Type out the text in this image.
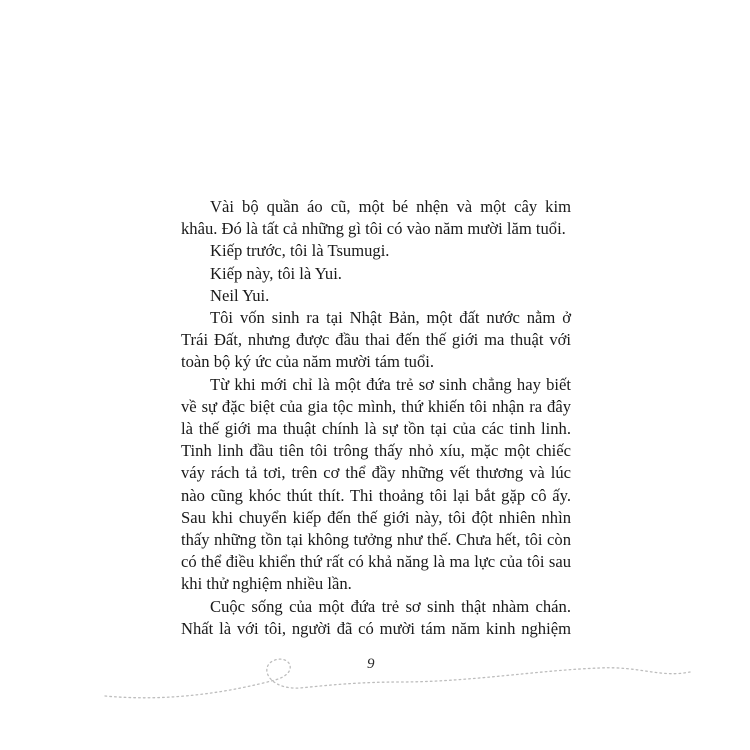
Vài bộ quần áo cũ, một bé nhện và một cây kim
khâu. Đó là tất cả những gì tôi có vào năm mười lăm tuổi.

Kiếp trước, tôi là Tsumugi.

Kiếp này, tôi là Yui.

Neil Yui.

Tôi vốn sinh ra tại Nhật Bản, một đất nước nằm ở
Trái Đất, nhưng được đầu thai đến thế giới ma thuật với
toàn bộ ký ức của năm mười tám tuổi.

Từ khi mới chỉ là một đứa trẻ sơ sinh chẳng hay biết
về sự đặc biệt của gia tộc mình, thứ khiến tôi nhận ra đây
là thế giới ma thuật chính là sự tồn tại của các tinh linh.
Tinh linh đầu tiên tôi trông thấy nhỏ xíu, mặc một chiếc
váy rách tả tơi, trên cơ thể đầy những vết thương và lúc
nào cũng khóc thút thít. Thi thoảng tôi lại bắt gặp cô ấy.
Sau khi chuyển kiếp đến thế giới này, tôi đột nhiên nhìn
thấy những tồn tại không tưởng như thế. Chưa hết, tôi còn
có thể điều khiển thứ rất có khả năng là ma lực của tôi sau
khi thử nghiệm nhiều lần.

Cuộc sống của một đứa trẻ sơ sinh thật nhàm chán.
Nhất là với tôi, người đã có mười tám năm kinh nghiệm

9
